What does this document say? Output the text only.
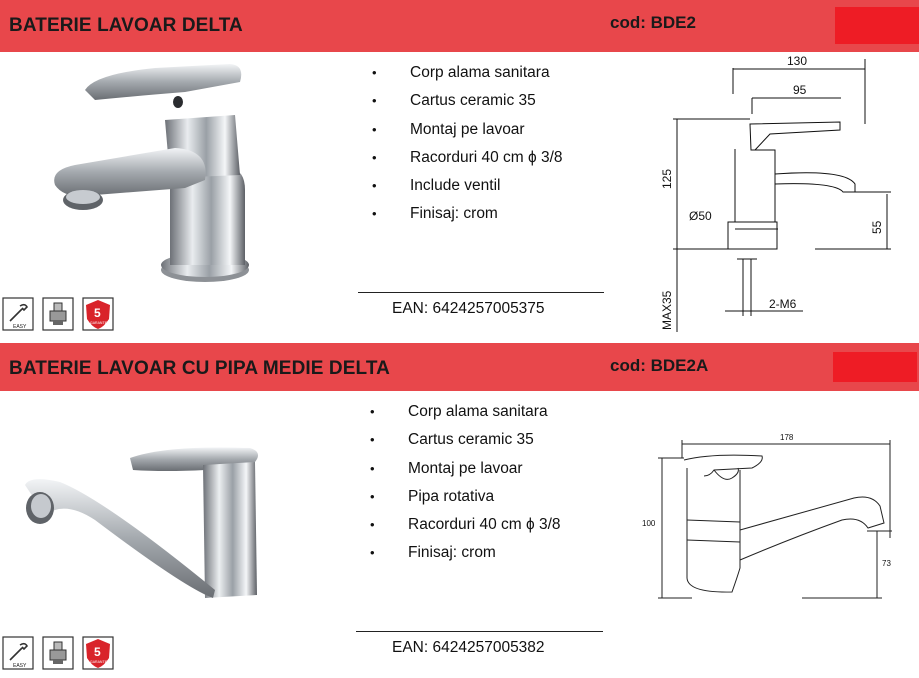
BATERIE LAVOAR DELTA	cod: BDE2
• Corp alama sanitara
• Cartus ceramic 35
• Montaj pe lavoar
• Racorduri 40 cm ϕ 3/8
• Include ventil
• Finisaj: crom
EAN: 6424257005375
130
95
125
Ø50
55
MAX35	2-M6
EASY
5
GARANTIE
BATERIE LAVOAR CU PIPA MEDIE DELTA	cod: BDE2A
• Corp alama sanitara
• Cartus ceramic 35
• Montaj pe lavoar
• Pipa rotativa
• Racorduri 40 cm ϕ 3/8
• Finisaj: crom
EAN: 6424257005382
178
100
73
EASY
5
GARANTIE
